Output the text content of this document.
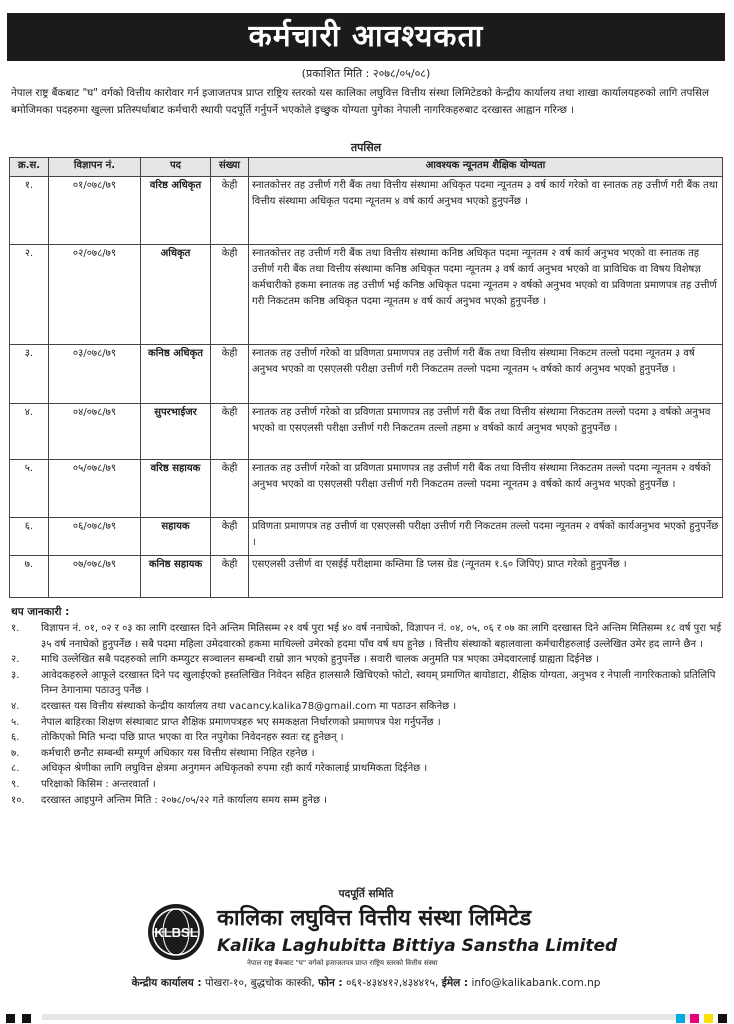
कर्मचारी आवश्यकता
(प्रकाशित मिति : २०७८/०५/०८)
नेपाल राष्ट्र बैंकबाट "घ" वर्गको वित्तीय कारोवार गर्न इजाजतपत्र प्राप्त राष्ट्रिय स्तरको यस कालिका लघुवित्त वित्तीय संस्था लिमिटेडको केन्द्रीय कार्यालय तथा शाखा कार्यालयहरुको लागि तपसिल बमोजिमका पदहरुमा खुल्ला प्रतिस्पर्धाबाट कर्मचारी स्थायी पदपूर्ति गर्नुपर्ने भएकोले इच्छुक योग्यता पुगेका नेपाली नागरिकहरुबाट दरखास्त आह्वान गरिन्छ ।
तपसिल
क्र.स.	विज्ञापन नं.	पद	संख्या	आवश्यक न्यूनतम शैक्षिक योग्यता
१.	०१/०७८/७९	वरिष्ठ अधिकृत	केही	स्नातकोत्तर तह उत्तीर्ण गरी बैंक तथा वित्तीय संस्थामा अधिकृत पदमा न्यूनतम ३ वर्ष कार्य गरेको वा स्नातक तह उत्तीर्ण गरी बैंक तथा वित्तीय संस्थामा अधिकृत पदमा न्यूनतम ४ वर्ष कार्य अनुभव भएको हुनुपर्नेछ ।
२.	०२/०७८/७९	अधिकृत	केही	स्नातकोत्तर तह उत्तीर्ण गरी बैंक तथा वित्तीय संस्थामा कनिष्ठ अधिकृत पदमा न्यूनतम २ वर्ष कार्य अनुभव भएको वा स्नातक तह उत्तीर्ण गरी बैंक तथा वित्तीय संस्थामा कनिष्ठ अधिकृत पदमा न्यूनतम ३ वर्ष कार्य अनुभव भएको वा प्राविधिक वा विषय विशेषज्ञ कर्मचारीको हकमा स्नातक तह उत्तीर्ण भई कनिष्ठ अधिकृत पदमा न्यूनतम २ वर्षको अनुभव भएको वा प्रविणता प्रमाणपत्र तह उत्तीर्ण गरी निकटतम कनिष्ठ अधिकृत पदमा न्यूनतम ४ वर्ष कार्य अनुभव भएको हुनुपर्नेछ ।
३.	०३/०७८/७९	कनिष्ठ अधिकृत	केही	स्नातक तह उत्तीर्ण गरेको वा प्रविणता प्रमाणपत्र तह उत्तीर्ण गरी बैंक तथा वित्तीय संस्थामा निकटम तल्लो पदमा न्यूनतम ३ वर्ष अनुभव भएको वा एसएलसी परीक्षा उत्तीर्ण गरी निकटतम तल्लो पदमा न्यूनतम ५ वर्षको कार्य अनुभव भएको हुनुपर्नेछ ।
४.	०४/०७८/७९	सुपरभाईजर	केही	स्नातक तह उत्तीर्ण गरेको वा प्रविणता प्रमाणपत्र तह उत्तीर्ण गरी बैंक तथा वित्तीय संस्थामा निकटतम तल्लो पदमा ३ वर्षको अनुभव भएको वा एसएलसी परीक्षा उत्तीर्ण गरी निकटतम तल्लो तहमा ४ वर्षको कार्य अनुभव भएको हुनुपर्नेछ ।
५.	०५/०७८/७९	वरिष्ठ सहायक	केही	स्नातक तह उत्तीर्ण गरेको वा प्रविणता प्रमाणपत्र तह उत्तीर्ण गरी बैंक तथा वित्तीय संस्थामा निकटतम तल्लो पदमा न्यूनतम २ वर्षको अनुभव भएको वा एसएलसी परीक्षा उत्तीर्ण गरी निकटतम तल्लो पदमा न्यूनतम ३ वर्षको कार्य अनुभव भएको हुनुपर्नेछ ।
६.	०६/०७८/७९	सहायक	केही	प्रविणता प्रमाणपत्र तह उत्तीर्ण वा एसएलसी परीक्षा उत्तीर्ण गरी निकटतम तल्लो पदमा न्यूनतम २ वर्षको कार्यअनुभव भएको हुनुपर्नेछ ।
७.	०७/०७८/७९	कनिष्ठ सहायक	केही	एसएलसी उत्तीर्ण वा एसईई परीक्षामा कम्तिमा डि प्लस ग्रेड (न्यूनतम १.६० जिपिए) प्राप्त गरेको हुनुपर्नेछ ।
थप जानकारी :
१.	विज्ञापन नं. ०१, ०२ र ०३ का लागि दरखास्त दिने अन्तिम मितिसम्म २१ वर्ष पुरा भई ४० वर्ष ननाघेको, विज्ञापन नं. ०४, ०५, ०६ र ०७ का लागि दरखास्त दिने अन्तिम मितिसम्म १८ वर्ष पुरा भई ३५ वर्ष ननाघेको हुनुपर्नेछ । सबै पदमा महिला उमेदवारको हकमा माथिल्लो उमेरको हदमा पाँच वर्ष थप हुनेछ । वित्तीय संस्थाको बहालवाला कर्मचारीहरुलाई उल्लेखित उमेर हद लाग्ने छैन ।
२.	माथि उल्लेखित सबै पदहरुको लागि कम्प्युटर सञ्चालन सम्बन्धी राम्रो ज्ञान भएको हुनुपर्नेछ । सवारी चालक अनुमति पत्र भएका उमेदवारलाई ग्राह्यता दिईनेछ ।
३.	आवेदकहरुले आफूले दरखास्त दिने पद खुलाईएको हस्तलिखित निवेदन सहित हालसालै खिचिएको फोटो, स्वयम् प्रमाणित बायोडाटा, शैक्षिक योग्यता, अनुभव र नेपाली नागरिकताको प्रतिलिपि निम्न ठेगानामा पठाउनु पर्नेछ ।
४.	दरखास्त यस वित्तीय संस्थाको केन्द्रीय कार्यालय तथा vacancy.kalika78@gmail.com मा पठाउन सकिनेछ ।
५.	नेपाल बाहिरका शिक्षण संस्थाबाट प्राप्त शैक्षिक प्रमाणपत्रहरु भए समकक्षता निर्धारणको प्रमाणपत्र पेश गर्नुपर्नेछ ।
६.	तोकिएको मिति भन्दा पछि प्राप्त भएका वा रित नपुगेका निवेदनहरु स्वतः रद्द हुनेछन् ।
७.	कर्मचारी छनौट सम्बन्धी सम्पूर्ण अधिकार यस वित्तीय संस्थामा निहित रहनेछ ।
८.	अधिकृत श्रेणीका लागि लघुवित्त क्षेत्रमा अनुगमन अधिकृतको रुपमा रही कार्य गरेकालाई प्राथमिकता दिईनेछ ।
९.	परिक्षाको किसिम : अन्तरवार्ता ।
१०.	दरखास्त आइपुग्ने अन्तिम मिति : २०७८/०५/२२ गते कार्यालय समय सम्म हुनेछ ।
पदपूर्ति समिति
KLBSL
कालिका लघुवित्त वित्तीय संस्था लिमिटेड
Kalika Laghubitta Bittiya Sanstha Limited
नेपाल राष्ट्र बैंकबाट "घ" वर्गको इजाजतपत्र प्राप्त राष्ट्रिय स्तरको वित्तीय संस्था
केन्द्रीय कार्यालय : पोखरा-१०, बुद्धचोक कास्की, फोन : ०६१-४३४४१२,४३४४१५, ईमेल : info@kalikabank.com.np
